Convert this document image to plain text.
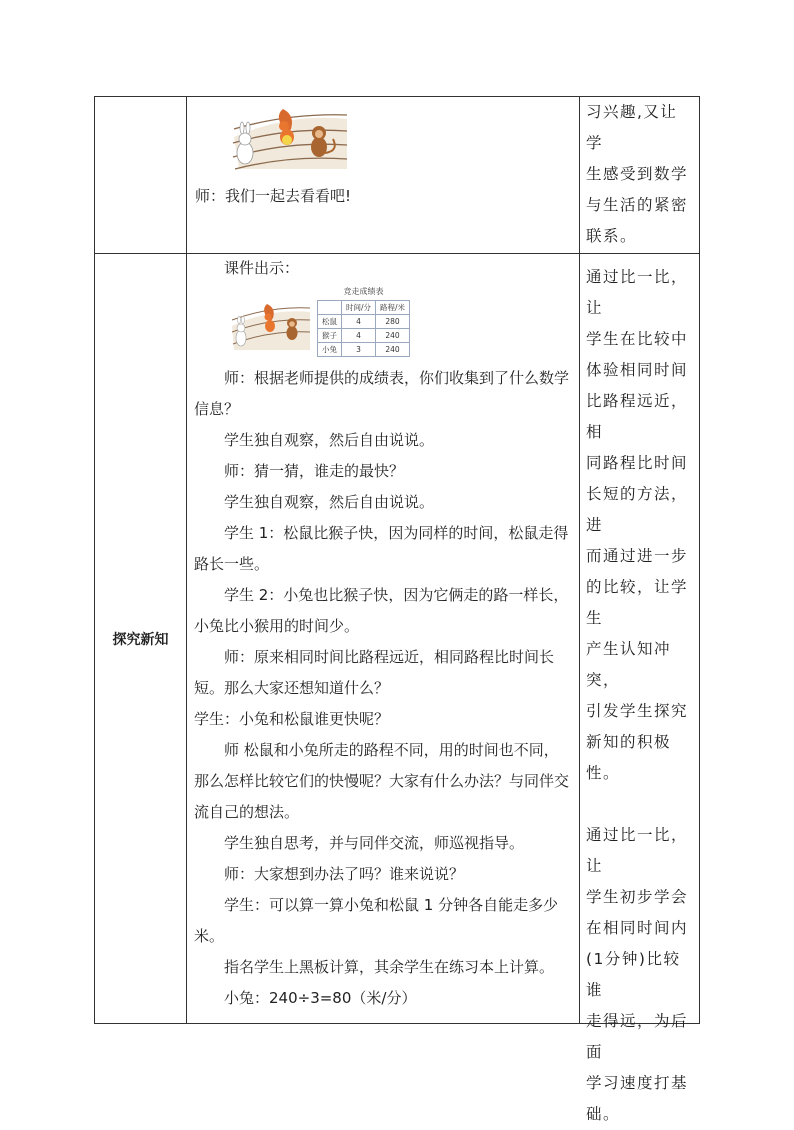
师：我们一起去看看吧!

习兴趣,又让学

生感受到数学

与生活的紧密

联系。

探究新知

课件出示：

竞走成绩表
	时间/分	路程/米
松鼠	4	280
猴子	4	240
小兔	3	240

师：根据老师提供的成绩表，你们收集到了什么数学信息？

学生独自观察，然后自由说说。

师：猜一猜，谁走的最快？

学生独自观察，然后自由说说。

学生 1：松鼠比猴子快，因为同样的时间，松鼠走得路长一些。

学生 2：小兔也比猴子快，因为它俩走的路一样长，小兔比小猴用的时间少。

师：原来相同时间比路程远近，相同路程比时间长短。那么大家还想知道什么？

学生：小兔和松鼠谁更快呢？

师 松鼠和小兔所走的路程不同，用的时间也不同，那么怎样比较它们的快慢呢？大家有什么办法？与同伴交流自己的想法。

学生独自思考，并与同伴交流，师巡视指导。

师：大家想到办法了吗？谁来说说？

学生：可以算一算小兔和松鼠 1 分钟各自能走多少米。

指名学生上黑板计算，其余学生在练习本上计算。

小兔：240÷3=80（米/分）

通过比一比，让

学生在比较中

体验相同时间

比路程远近，相

同路程比时间

长短的方法，进

而通过进一步

的比较，让学生

产生认知冲突，

引发学生探究

新知的积极性。

通过比一比，让

学生初步学会

在相同时间内

(1分钟)比较谁

走得远，为后面

学习速度打基

础。
